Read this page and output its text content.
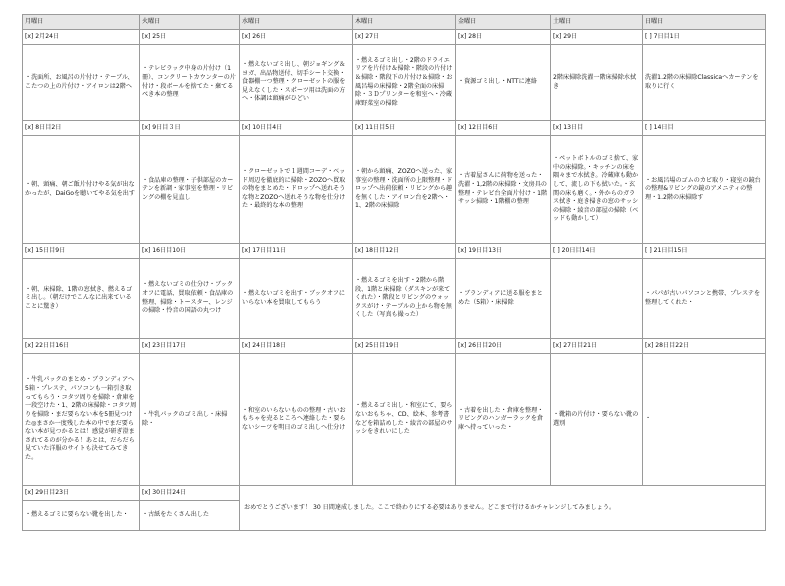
月曜日	火曜日	水曜日	木曜日	金曜日	土曜日	日曜日
[x] 2月24日	[x] 25日	[x] 26日	[x] 27日	[x] 28日	[x] 29日	[ ] 7日目1日
・洗面所、お風呂の片付け・テーブル、こたつの上の片付け・アイロンは2階へ	・テレビラック中身の片付け（1冊）、コンクリートカウンターの片付け・段ボールを捨てた・棄てるべき本の整理	・燃えないゴミ出し、朝ジョギング＆ヨガ、出品物送付、切手シート交換・食器棚一つ整理・クローゼットの服を見えなくした・スポーツ用は洗面の方へ・体調は頭痛がひどい	・燃えるゴミ出し・2階のドライエリアを片付け＆掃除・階段の片付け＆掃除・階段下の片付け＆掃除・お風呂場の床掃除・2階全面の床掃除・３Ｄプリンターを和室へ・冷蔵庫野菜室の掃除	・資源ゴミ出し・NTTに連絡	2階床掃除洗濯一階床掃除水拭き	洗濯1.2階の床掃除Classicaへカーテンを取りに行く
[x] 8日目2日	[x] 9日目３日	[x] 10日目4日	[x] 11日目5日	[x] 12日目6日	[x] 13日目	[ ] 14日目
・朝、頭痛、朝ご飯片付けやる気が出なかったが、DaiGoを聴いてやる気を出す	・食品庫の整理・子供部屋のカーテンを新調・家事室を整理・リビングの棚を見直し	・クローゼットで１週間コーデ・ベッド周辺を徹底的に掃除・ZOZOへ買取の物をまとめた・ドロップへ送れそうな物とZOZOへ送れそうな物を仕分けた・最終的な本の整理	・朝から頭痛、ZOZOへ送った、家事室の整理・洗面所の上限整理・ドロップへ出荷依頼・リビングから趣を無くした・アイロン台を2階へ・1、2階の床掃除	・古着屋さんに荷物を送った・洗濯・1,2階の床掃除・文房具の整理・テレビ台全面片付け・1階サッシ掃除・1階棚の整理	・ペットボトルのゴミ捨て、家中の床掃除。・キッチンの床を隅々まで水拭き。冷蔵庫も動かして、流しの下も拭いた。・玄関の床も磨く。・外からのガラス拭き・庭き掃きの窓のサッシの掃除・綾音の部屋の掃除（ベッドも動かして）	・お風呂場のゴムのカビ取り・寝室の鏡台の整理&リビングの鏡のアメニティの整理・1.2階の床掃除す
[x] 15日目9日	[x] 16日目10日	[x] 17日目11日	[x] 18日目12日	[x] 19日目13日	[ ] 20日目14日	[ ] 21日目15日
・朝、床掃除、1階の窓拭き、燃えるゴミ出し。（朝だけでこんなに出来ていることに驚き）	・燃えないゴミの仕分け・ブックオフに電話、買取依頼・食品庫の整理、掃除・トースター、レンジの掃除・怜音の国語の丸つけ	・燃えないゴミを出す・ブックオフにいらない本を買取してもらう	・燃えるゴミを出す・2階から階段、1階と床掃除（ダスキンが来てくれた）・階段とリビングのウォックスがけ・テーブルの上から物を無くした（写真も撮った）	・ブランディアに送る服をまとめた（5箱）・床掃除		・パパが古いパソコンと携帯、プレステを整理してくれた・
[x] 22日目16日	[x] 23日目17日	[x] 24日目18日	[x] 25日目19日	[x] 26日目20日	[x] 27日目21日	[x] 28日目22日
・牛乳パックのまとめ・ブランディアへ5箱・プレステ、パソコンも一箱引き取ってもらう・コタツ周りを掃除・倉庫を一段空けた・1、2階の床掃除・コタツ周りを掃除・まだ要らない本を5冊見つけた◎まさか一度残した本の中でまだ要らない本が見つかるとは！感覚が研ぎ澄まされてるのが分かる！あとは、だらだら見ていた洋服のサイトも決せてみてきた。	・牛乳パックのゴミ出し・床掃除・	・和室のいらないものの整理・古いおもちゃを売るところへ連絡した・要らないシーツを明日のゴミ出しへ仕分け	・燃えるゴミ出し・和室にて、要らないおもちゃ、CD、絵本、参考書などを箱詰めした・綾音の部屋のサッシをきれいにした	・古着を出した・倉庫を整理・リビングのハンガーラックを倉庫へ持っていった・	・靴箱の片付け・要らない靴の選別	・
[x] 29日目23日	[x] 30日目24日	おめでとうございます！ 30 日間達成しました。ここで終わりにする必要はありません。どこまで行けるかチャレンジしてみましょう。				
・燃えるゴミに要らない靴を出した・	・古紙をたくさん出した					
